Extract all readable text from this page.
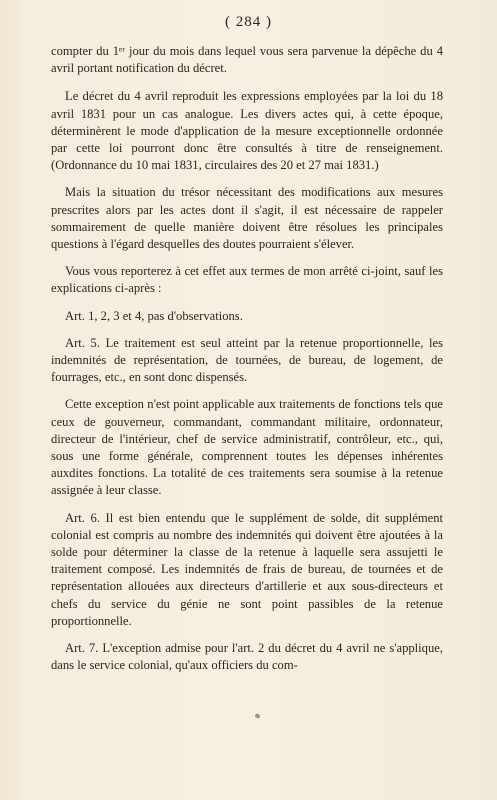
( 284 )

compter du 1ᵉʳ jour du mois dans lequel vous sera parvenue la dépêche du 4 avril portant notification du décret.

Le décret du 4 avril reproduit les expressions employées par la loi du 18 avril 1831 pour un cas analogue. Les divers actes qui, à cette époque, déterminèrent le mode d'application de la mesure exceptionnelle ordonnée par cette loi pourront donc être consultés à titre de renseignement. (Ordonnance du 10 mai 1831, circulaires des 20 et 27 mai 1831.)

Mais la situation du trésor nécessitant des modifications aux mesures prescrites alors par les actes dont il s'agit, il est nécessaire de rappeler sommairement de quelle manière doivent être résolues les principales questions à l'égard desquelles des doutes pourraient s'élever.

Vous vous reporterez à cet effet aux termes de mon arrêté ci-joint, sauf les explications ci-après :

Art. 1, 2, 3 et 4, pas d'observations.

Art. 5. Le traitement est seul atteint par la retenue proportionnelle, les indemnités de représentation, de tournées, de bureau, de logement, de fourrages, etc., en sont donc dispensés.

Cette exception n'est point applicable aux traitements de fonctions tels que ceux de gouverneur, commandant, commandant militaire, ordonnateur, directeur de l'intérieur, chef de service administratif, contrôleur, etc., qui, sous une forme générale, comprennent toutes les dépenses inhérentes auxdites fonctions. La totalité de ces traitements sera soumise à la retenue assignée à leur classe.

Art. 6. Il est bien entendu que le supplément de solde, dit supplément colonial est compris au nombre des indemnités qui doivent être ajoutées à la solde pour déterminer la classe de la retenue à laquelle sera assujetti le traitement composé. Les indemnités de frais de bureau, de tournées et de représentation allouées aux directeurs d'artillerie et aux sous-directeurs et chefs du service du génie ne sont point passibles de la retenue proportionnelle.

Art. 7. L'exception admise pour l'art. 2 du décret du 4 avril ne s'applique, dans le service colonial, qu'aux officiers du com-
